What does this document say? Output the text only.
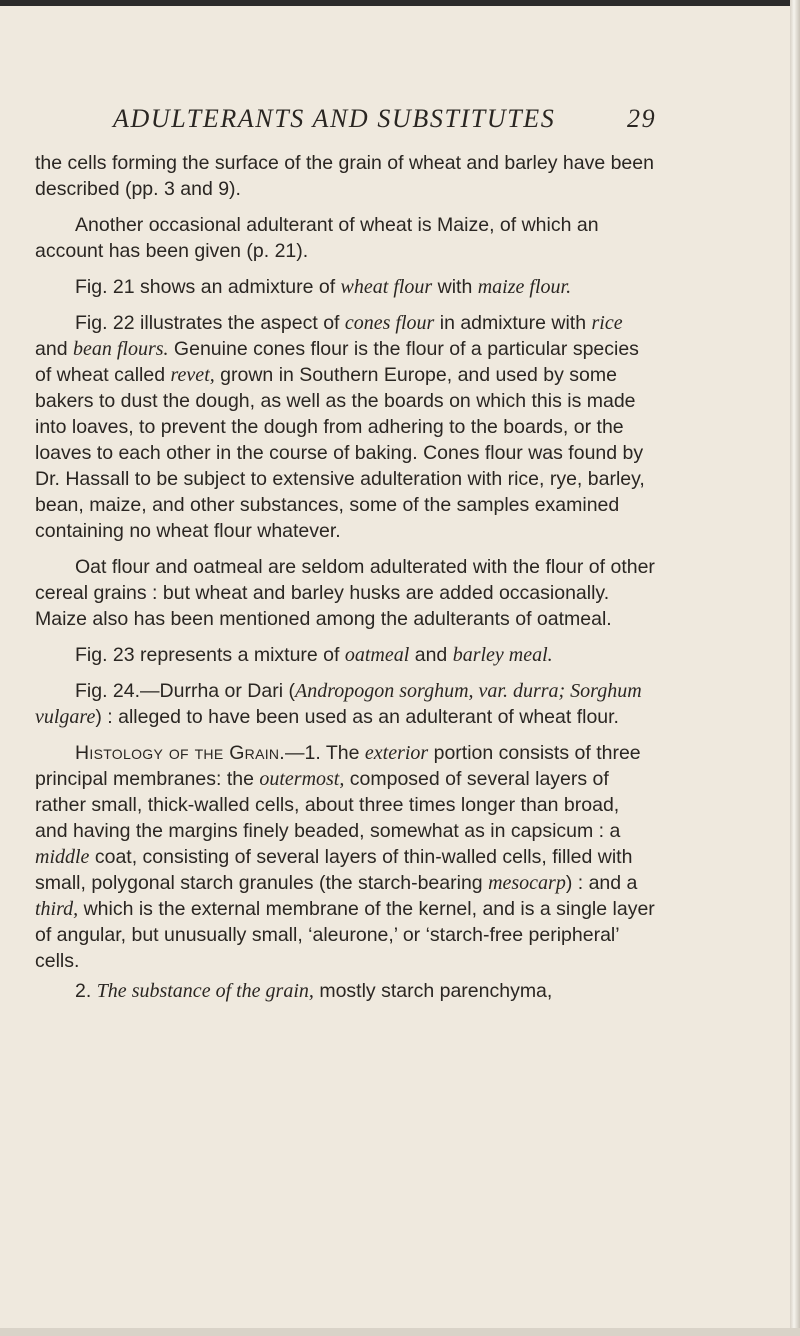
ADULTERANTS AND SUBSTITUTES	29

the cells forming the surface of the grain of wheat and barley have been described (pp. 3 and 9).

Another occasional adulterant of wheat is Maize, of which an account has been given (p. 21).

Fig. 21 shows an admixture of wheat flour with maize flour.

Fig. 22 illustrates the aspect of cones flour in admixture with rice and bean flours. Genuine cones flour is the flour of a particular species of wheat called revet, grown in Southern Europe, and used by some bakers to dust the dough, as well as the boards on which this is made into loaves, to prevent the dough from adhering to the boards, or the loaves to each other in the course of baking. Cones flour was found by Dr. Hassall to be subject to extensive adulteration with rice, rye, barley, bean, maize, and other substances, some of the samples examined containing no wheat flour whatever.

Oat flour and oatmeal are seldom adulterated with the flour of other cereal grains : but wheat and barley husks are added occasionally. Maize also has been mentioned among the adulterants of oatmeal.

Fig. 23 represents a mixture of oatmeal and barley meal.

Fig. 24.—Durrha or Dari (Andropogon sorghum, var. durra; Sorghum vulgare) : alleged to have been used as an adulterant of wheat flour.

Histology of the Grain.—1. The exterior portion consists of three principal membranes: the outermost, composed of several layers of rather small, thick-walled cells, about three times longer than broad, and having the margins finely beaded, somewhat as in capsicum : a middle coat, consisting of several layers of thin-walled cells, filled with small, polygonal starch granules (the starch-bearing mesocarp) : and a third, which is the external membrane of the kernel, and is a single layer of angular, but unusually small, ‘aleurone,’ or ‘starch-free peripheral’ cells.

2. The substance of the grain, mostly starch parenchyma,
